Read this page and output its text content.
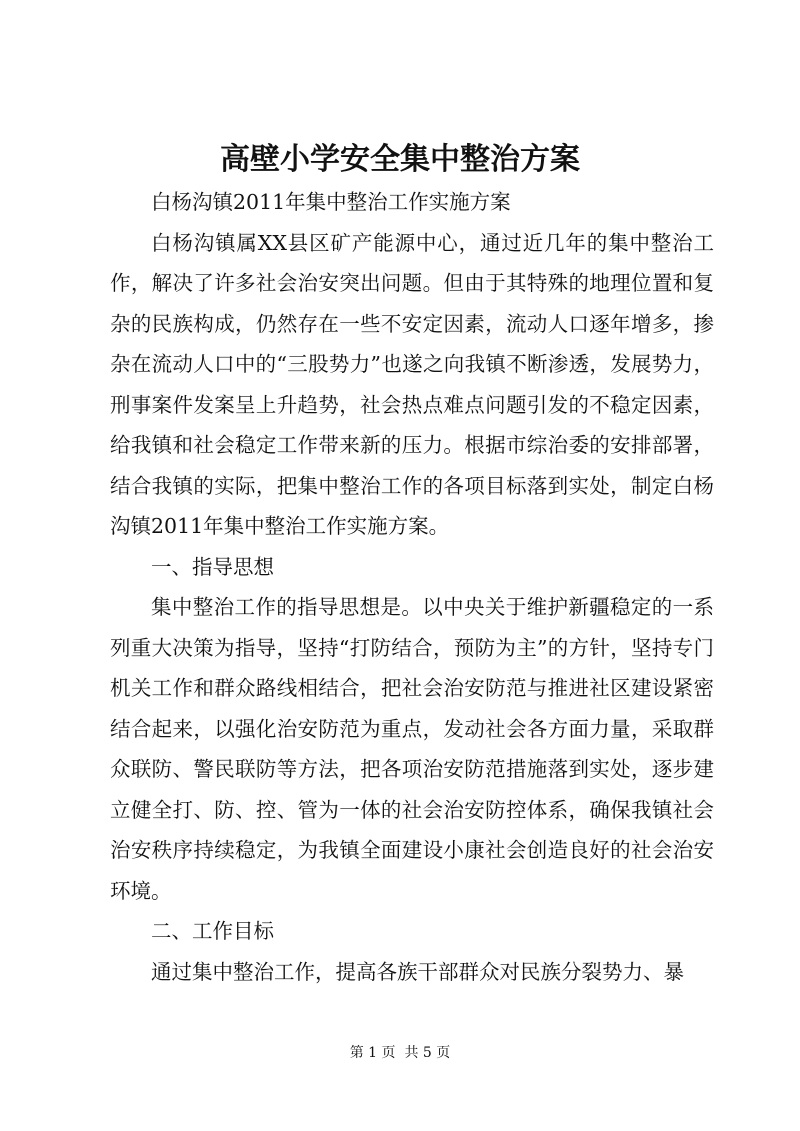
高壁小学安全集中整治方案

白杨沟镇2011年集中整治工作实施方案

白杨沟镇属XX县区矿产能源中心，通过近几年的集中整治工作，解决了许多社会治安突出问题。但由于其特殊的地理位置和复杂的民族构成，仍然存在一些不安定因素，流动人口逐年增多，掺杂在流动人口中的“三股势力”也遂之向我镇不断渗透，发展势力，刑事案件发案呈上升趋势，社会热点难点问题引发的不稳定因素，给我镇和社会稳定工作带来新的压力。根据市综治委的安排部署，结合我镇的实际，把集中整治工作的各项目标落到实处，制定白杨沟镇2011年集中整治工作实施方案。

一、指导思想

集中整治工作的指导思想是。以中央关于维护新疆稳定的一系列重大决策为指导，坚持“打防结合，预防为主”的方针，坚持专门机关工作和群众路线相结合，把社会治安防范与推进社区建设紧密结合起来，以强化治安防范为重点，发动社会各方面力量，采取群众联防、警民联防等方法，把各项治安防范措施落到实处，逐步建立健全打、防、控、管为一体的社会治安防控体系，确保我镇社会治安秩序持续稳定，为我镇全面建设小康社会创造良好的社会治安环境。

二、工作目标

通过集中整治工作，提高各族干部群众对民族分裂势力、暴

第 1 页  共 5 页
